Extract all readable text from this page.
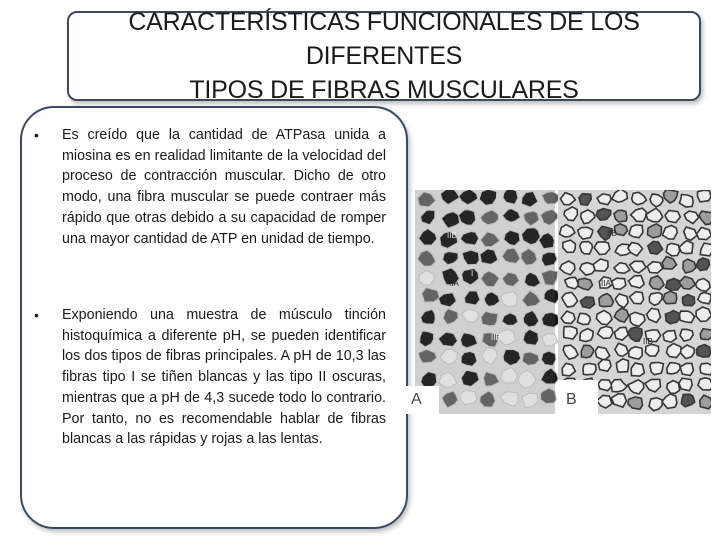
CARACTERÍSTICAS FUNCIONALES DE LOS DIFERENTES
TIPOS DE FIBRAS MUSCULARES
• Es creído que la cantidad de ATPasa unida a miosina es en realidad limitante de la velocidad del proceso de contracción muscular. Dicho de otro modo, una fibra muscular se puede contraer más rápido que otras debido a su capacidad de romper una mayor cantidad de ATP en unidad de tiempo.
• Exponiendo una muestra de músculo tinción histoquímica a diferente pH, se pueden identificar los dos tipos de fibras principales. A pH de 10,3 las fibras tipo I se tiñen blancas y las tipo II oscuras, mientras que a pH de 4,3 sucede todo lo contrario. Por tanto, no es recomendable hablar de fibras blancas a las rápidas y rojas a las lentas.
A
IIB
I
IIA
IIB
B
IIB
IIA
IIB
